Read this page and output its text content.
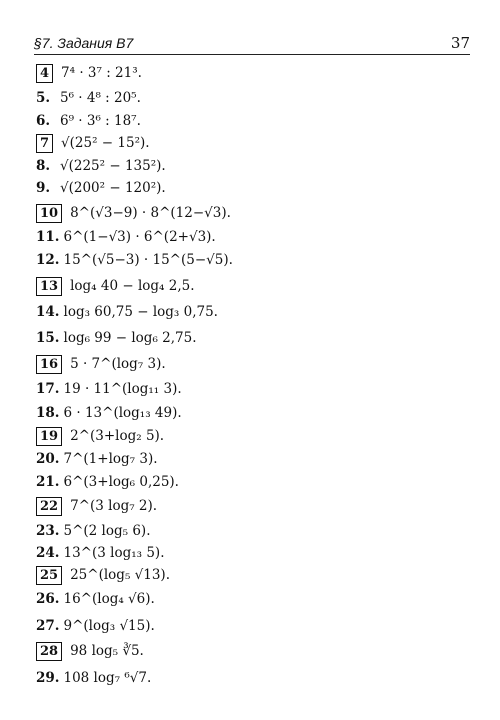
§7. Задания B7	37
4 7⁴ · 3⁷ : 21³.
5. 5⁶ · 4⁸ : 20⁵.
6. 6⁹ · 3⁶ : 18⁷.
7 √(25² − 15²).
8. √(225² − 135²).
9. √(200² − 120²).
10 8^(√3−9) · 8^(12−√3).
11. 6^(1−√3) · 6^(2+√3).
12. 15^(√5−3) · 15^(5−√5).
13 log₄ 40 − log₄ 2,5.
14. log₃ 60,75 − log₃ 0,75.
15. log₆ 99 − log₆ 2,75.
16 5 · 7^(log₇ 3).
17. 19 · 11^(log₁₁ 3).
18. 6 · 13^(log₁₃ 49).
19 2^(3+log₂ 5).
20. 7^(1+log₇ 3).
21. 6^(3+log₆ 0,25).
22 7^(3 log₇ 2).
23. 5^(2 log₅ 6).
24. 13^(3 log₁₃ 5).
25 25^(log₅ √13).
26. 16^(log₄ √6).
27. 9^(log₃ √15).
28 98 log₅ ∛5.
29. 108 log₇ ⁶√7.
